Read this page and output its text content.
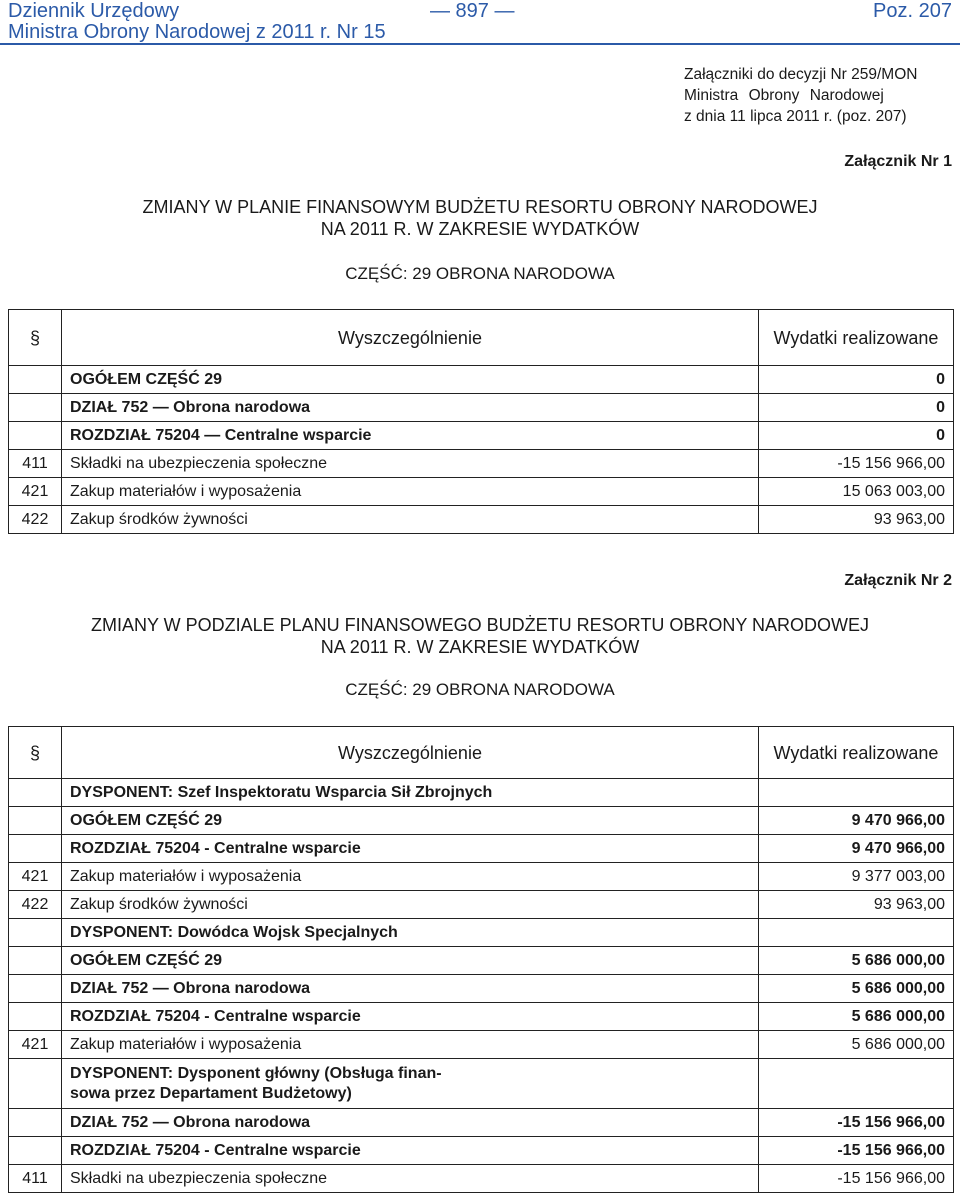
Dziennik Urzędowy
Ministra Obrony Narodowej z 2011 r. Nr 15
— 897 —	Poz. 207
Załączniki do decyzji Nr 259/MON
Ministra Obrony Narodowej
z dnia 11 lipca 2011 r. (poz. 207)
Załącznik Nr 1
ZMIANY W PLANIE FINANSOWYM BUDŻETU RESORTU OBRONY NARODOWEJ
NA 2011 R. W ZAKRESIE WYDATKÓW
CZĘŚĆ: 29 OBRONA NARODOWA
§	Wyszczególnienie	Wydatki realizowane
	OGÓŁEM CZĘŚĆ 29	0
	DZIAŁ 752 — Obrona narodowa	0
	ROZDZIAŁ 75204 — Centralne wsparcie	0
411	Składki na ubezpieczenia społeczne	-15 156 966,00
421	Zakup materiałów i wyposażenia	15 063 003,00
422	Zakup środków żywności	93 963,00
Załącznik Nr 2
ZMIANY W PODZIALE PLANU FINANSOWEGO BUDŻETU RESORTU OBRONY NARODOWEJ
NA 2011 R. W ZAKRESIE WYDATKÓW
CZĘŚĆ: 29 OBRONA NARODOWA
§	Wyszczególnienie	Wydatki realizowane
	DYSPONENT: Szef Inspektoratu Wsparcia Sił Zbrojnych	
	OGÓŁEM CZĘŚĆ 29	9 470 966,00
	ROZDZIAŁ 75204 - Centralne wsparcie	9 470 966,00
421	Zakup materiałów i wyposażenia	9 377 003,00
422	Zakup środków żywności	93 963,00
	DYSPONENT: Dowódca Wojsk Specjalnych	
	OGÓŁEM CZĘŚĆ 29	5 686 000,00
	DZIAŁ 752 — Obrona narodowa	5 686 000,00
	ROZDZIAŁ 75204 - Centralne wsparcie	5 686 000,00
421	Zakup materiałów i wyposażenia	5 686 000,00
	DYSPONENT: Dysponent główny (Obsługa finan-
sowa przez Departament Budżetowy)	
	DZIAŁ 752 — Obrona narodowa	-15 156 966,00
	ROZDZIAŁ 75204 - Centralne wsparcie	-15 156 966,00
411	Składki na ubezpieczenia społeczne	-15 156 966,00
